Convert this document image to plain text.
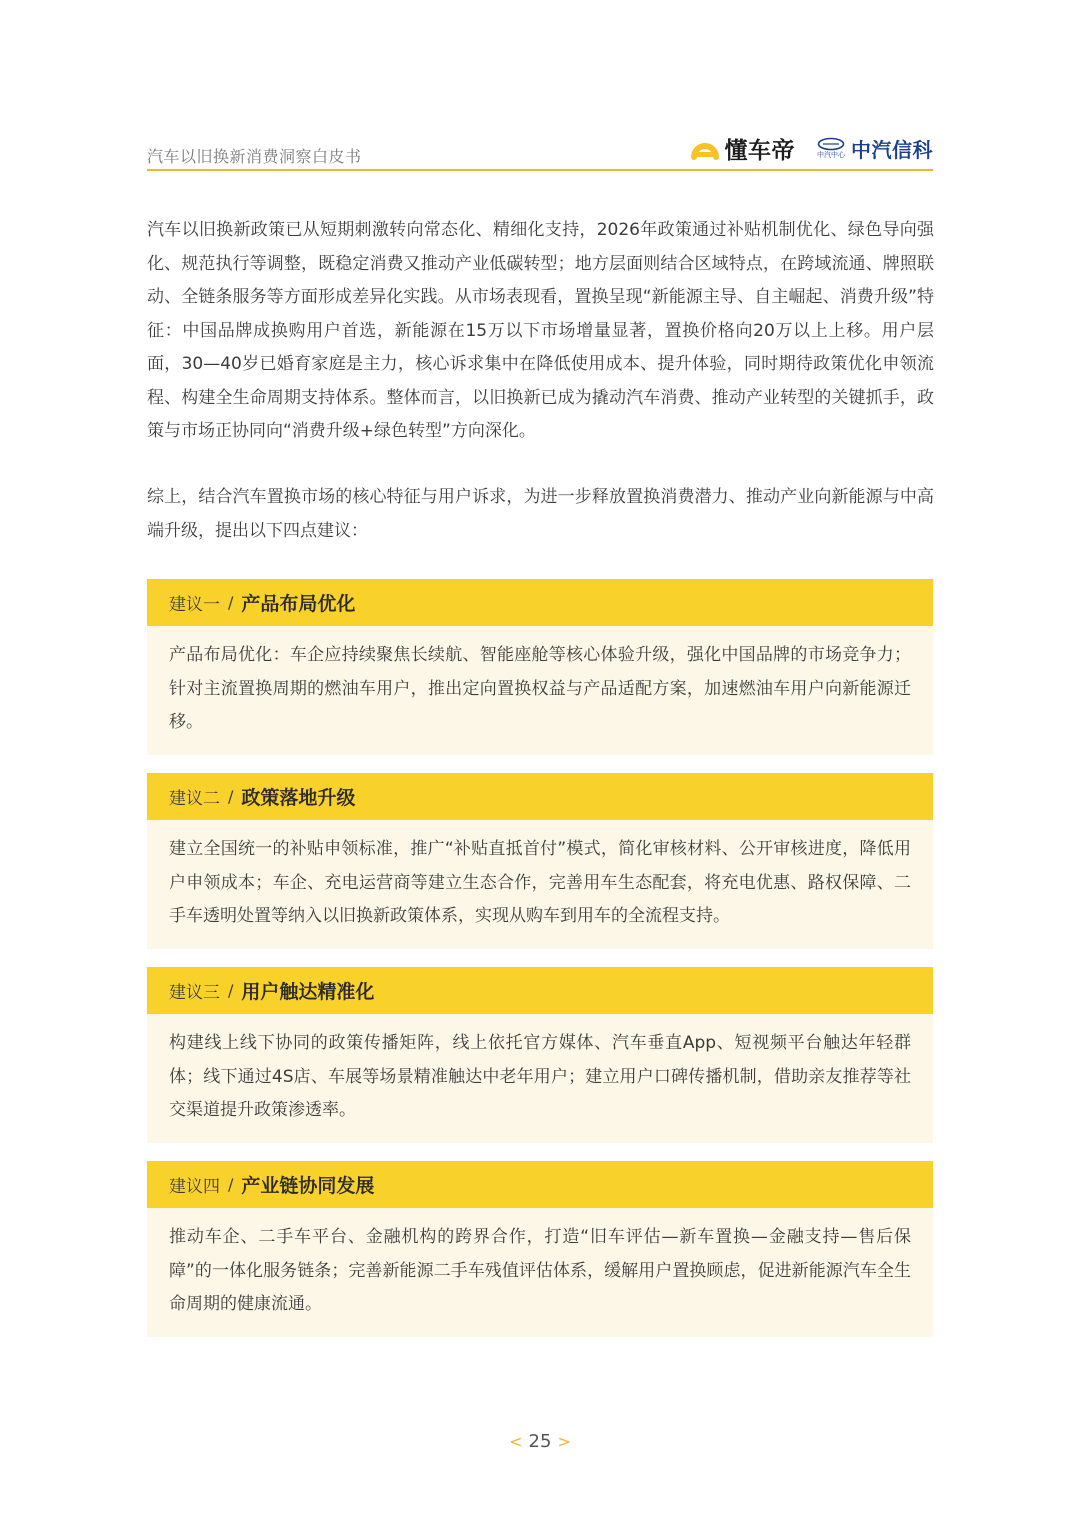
汽车以旧换新消费洞察白皮书	懂车帝	中汽中心 中汽信科

汽车以旧换新政策已从短期刺激转向常态化、精细化支持，2026年政策通过补贴机制优化、绿色导向强化、规范执行等调整，既稳定消费又推动产业低碳转型；地方层面则结合区域特点，在跨域流通、牌照联动、全链条服务等方面形成差异化实践。从市场表现看，置换呈现“新能源主导、自主崛起、消费升级”特征：中国品牌成换购用户首选，新能源在15万以下市场增量显著，置换价格向20万以上上移。用户层面，30—40岁已婚育家庭是主力，核心诉求集中在降低使用成本、提升体验，同时期待政策优化申领流程、构建全生命周期支持体系。整体而言，以旧换新已成为撬动汽车消费、推动产业转型的关键抓手，政策与市场正协同向“消费升级+绿色转型”方向深化。

综上，结合汽车置换市场的核心特征与用户诉求，为进一步释放置换消费潜力、推动产业向新能源与中高端升级，提出以下四点建议：

建议一 / 产品布局优化
产品布局优化：车企应持续聚焦长续航、智能座舱等核心体验升级，强化中国品牌的市场竞争力；针对主流置换周期的燃油车用户，推出定向置换权益与产品适配方案，加速燃油车用户向新能源迁移。
建议二 / 政策落地升级
建立全国统一的补贴申领标准，推广“补贴直抵首付”模式，简化审核材料、公开审核进度，降低用户申领成本；车企、充电运营商等建立生态合作，完善用车生态配套，将充电优惠、路权保障、二手车透明处置等纳入以旧换新政策体系，实现从购车到用车的全流程支持。
建议三 / 用户触达精准化
构建线上线下协同的政策传播矩阵，线上依托官方媒体、汽车垂直App、短视频平台触达年轻群体；线下通过4S店、车展等场景精准触达中老年用户；建立用户口碑传播机制，借助亲友推荐等社交渠道提升政策渗透率。
建议四 / 产业链协同发展
推动车企、二手车平台、金融机构的跨界合作，打造“旧车评估—新车置换—金融支持—售后保障”的一体化服务链条；完善新能源二手车残值评估体系，缓解用户置换顾虑，促进新能源汽车全生命周期的健康流通。
< 25 >
